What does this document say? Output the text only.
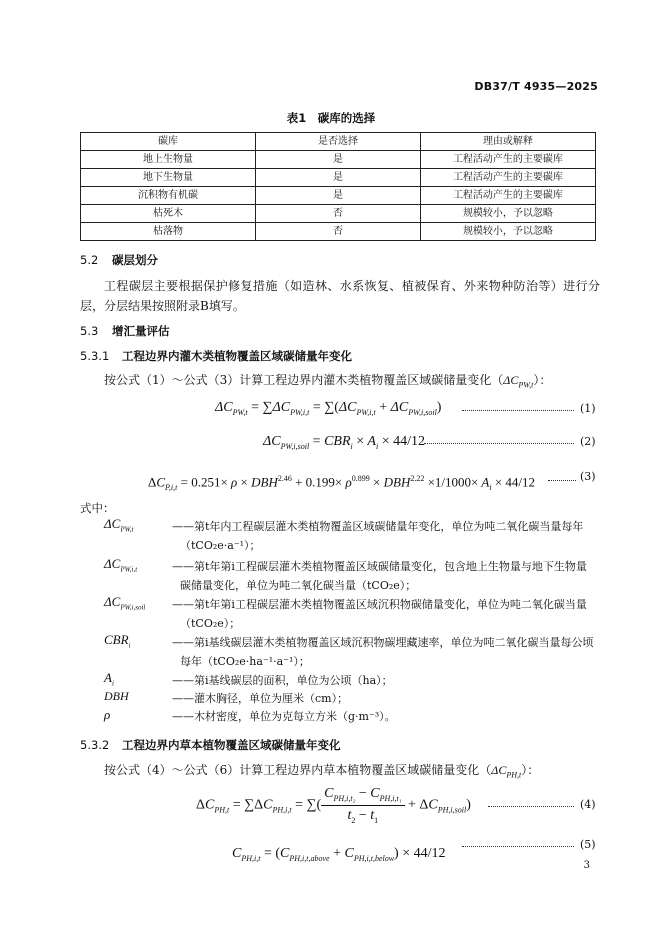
DB37/T 4935—2025
表1　碳库的选择
碳库	是否选择	理由或解释
地上生物量	是	工程活动产生的主要碳库
地下生物量	是	工程活动产生的主要碳库
沉积物有机碳	是	工程活动产生的主要碳库
枯死木	否	规模较小，予以忽略
枯落物	否	规模较小，予以忽略
5.2 碳层划分
工程碳层主要根据保护修复措施（如造林、水系恢复、植被保育、外来物种防治等）进行分层，分层结果按照附录B填写。
5.3 增汇量评估
5.3.1 工程边界内灌木类植物覆盖区域碳储量年变化
按公式（1）～公式（3）计算工程边界内灌木类植物覆盖区域碳储量变化$(\Delta C_{PW,t})$：
$\Delta C_{PW,t} = \sum\Delta C_{PW,i,t} = \sum(\Delta C_{PW,i,t} + \Delta C_{PW,i,soil})$	(1)
$\Delta C_{PW,i,soil} = CBR_i \times A_i \times 44/12$	(2)
$\Delta C_{P,i,t} = 0.251\times \rho \times DBH^{2.46} + 0.199\times \rho^{0.899} \times DBH^{2.22} \times 1/1000\times A_i \times 44/12$	(3)
式中：
$\Delta C_{PW,t}$	——第t年内工程碳层灌木类植物覆盖区域碳储量年变化，单位为吨二氧化碳当量每年
（tCO₂e·a⁻¹）；
$\Delta C_{PW,i,t}$	——第t年第i工程碳层灌木类植物覆盖区域碳储量变化，包含地上生物量与地下生物量
碳储量变化，单位为吨二氧化碳当量（tCO₂e）；
$\Delta C_{PW,i,soil}$ ——第t年第i工程碳层灌木类植物覆盖区域沉积物碳储量变化，单位为吨二氧化碳当量
（tCO₂e）；
$CBR_i$	——第i基线碳层灌木类植物覆盖区域沉积物碳埋藏速率，单位为吨二氧化碳当量每公顷
每年（tCO₂e·ha⁻¹·a⁻¹）；
$A_i$	——第i基线碳层的面积，单位为公顷（ha）；
DBH	——灌木胸径，单位为厘米（cm）；
ρ	——木材密度，单位为克每立方米（g·m⁻³）。
5.3.2 工程边界内草本植物覆盖区域碳储量年变化
按公式（4）～公式（6）计算工程边界内草本植物覆盖区域碳储量变化$(\Delta C_{PH,t})$：
$\Delta C_{PH,t} = \sum\Delta C_{PH,i,t}$ = ∑( $\frac{C_{PH,i,t_2} - C_{PH,i,t_1}}{t_2 - t_1} + \Delta C_{PH,i,soil}$)	(4)
$C_{PH,i,t} = (C_{PH,i,t,above} + C_{PH,i,t,below}) \times 44/12$
(5)
3
